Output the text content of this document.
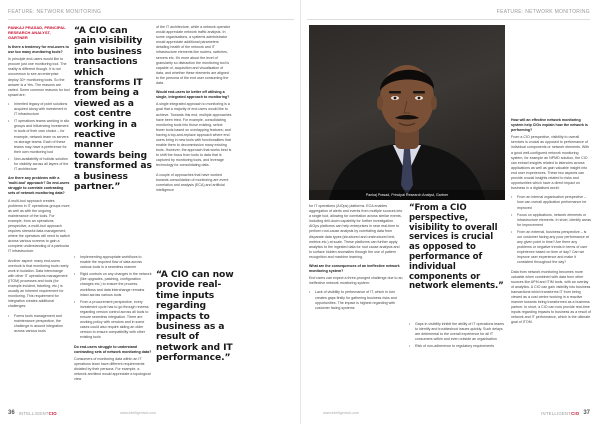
FEATURE: NETWORK MONITORING
PANKAJ PRASAD, PRINCIPAL RESEARCH ANALYST, GARTNER

Is there a tendency for end-users to use too many monitoring tools?

In principle end-users would like to procure just one monitoring tool. The reality is different though. It is not uncommon to see an enterprise deploy 30+ monitoring tools. So the answer is a Yes. The reasons are varied. Some common reasons for tool sprawl are:

• Inherited legacy of point solutions acquired along with investment in IT infrastructure
• IT operations teams working in silo groups and influencing investment in tools of their own choice – for example, network team vs servers vs storage teams. Each of these teams may have a preference for their own monitoring tool
• Non-availability of holistic solution for visibility across all layers of the IT architecture

Are there any problems with a 'multi-tool' approach? Do end-users struggle to correlate contrasting sets of network monitoring data?

A multi-tool approach creates problems in IT operations groups more as well as with the ongoing maintenance of the tools. For example, from an operations perspective, a multi-tool approach requires stressful data management, where the operators will need to switch across various screens to gain a complete understanding of a particular IT infrastructure.

Another aspect: many end-users overlook is that monitoring tools rarely work in isolation. Data interchange with other IT operations management (ITOM) processes and tools (for example incident, ticketing, etc.) is usually an inherent requirement for monitoring. This requirement for integration creates additional challenges:

• Forms tools management and maintenance perspective, the challenge is around integration across various tools
“A CIO can gain visibility into business transactions which transforms IT from being a viewed as a cost centre working in a reactive manner towards being transformed as a business partner.”
• Implementing appropriate workflows to enable the required flow of data across various tools in a seamless manner
• Rigid controls on any changes in the network (like upgrades, patching, configuration changes etc.) to ensure the process, workflows and data interchange remains intact across various tools
• From a procurement perspective, every investment cycle has to go through reviews regarding version control across all tools to ensure seamless integration. There are working policy with vendors and in some cases could also require aiding an older version to ensure compatibility with other existing tools

Do end-users struggle to understand contrasting sets of network monitoring data?

Consumers of monitoring data within an IT operations team have different requirements dictated by their persona. For example, a network architect would appreciate a topological view

of the IT architecture, while a network operator would appreciate network traffic analysis. In some organisations, a systems administrator would appreciate additional parameters detailing health of the network and IT infrastructure elements like routers, switches, servers etc. It's more about the level of granularity so distraction the monitoring tool is capable of, acquisition and visualisation of data, and whether these elements are aligned to the persona of the end user consuming the data.

Would end-users be better off utilising a single, integrated approach to monitoring?

A single integrated approach to monitoring is a goal that a majority of end users would like to achieve. Towards this end, multiple approaches have been tried. For example, consolidating monitoring tools into those existing, select fewer tools based on overlapping features; and having a top-and-replace approach where end users bring in new tools with functionalities that enable them to decommission many existing tools. However, the approach that works best is to shift the focus from tools to data that is captured by monitoring tools, and leverage technology for consolidating data.

A couple of approaches that have worked towards consolidation of monitoring are event correlation and analysis (ECA) and artificial intelligence

“A CIO can now provide real-time inputs regarding impacts to business as a result of network and IT performance.”
36 INTELLIGENTCIO	www.intelligentcio.com
FEATURE: NETWORK MONITORING
Pankaj Prasad, Principal Research Analyst, Gartner

for IT operations (AIOps) platforms. ECA enables aggregation of alerts and events from multiple sources into a single tool, allowing for correlation across similar events, including drill-down capability for further investigation. AIOps platforms can help enterprises in near real-time to perform root-cause analysis by correlating data from disparate data types (structured and unstructured text, metrics etc.) at scale. These platforms can further apply analytics to the ingested data for root cause analysis and to surface hidden anomalies through the use of pattern recognition and machine learning.

What are the consequences of an ineffective network monitoring system?

End users can expect a three-pronged challenge due to an ineffective network monitoring system:

• Lack of visibility to performance of IT, which in turn creates gaps firstly for gathering business risks and opportunities. The impact is highest regarding with customer facing systems
“From a CIO perspective, visibility to overall services is crucial as opposed to performance of individual components or network elements.”
• Gaps in visibility inhibit the ability of IT operations teams to identify and troubleshoot issues quickly. Such delays are detrimental to the overall experience for all IT consumers within and even outside an organisation
• Risk of non-adherence to regulatory requirements

How will an effective network monitoring system help CIOs explain how the network is performing?

From a CIO perspective, visibility to overall services is crucial as opposed to performance of individual components or network elements. With a good well-configured network monitoring system, for example an NPMD solution, the CIO can extract insights related to latencies across applications as well as gain valuable insight into end user experiences. These two aspects can provide crucial insights related to risks and opportunities which have a direct impact on business in a digitalised world:

• From an internal organisation perspective – how can overall application performance be improved
• Focus on applications, network elements or infrastructure elements. In short, identify areas for improvement
• From an external, business perspective – is our customer facing any poor performance at any given point in time? Are there any problems or negative trends in terms of user experience based on time of day? Can we improve user experience and make it consistent throughout the day?

Data from network monitoring becomes more valuable when combined with data from other sources like APM and ITIM tools, with an overlay of analytics. A CIO can gain visibility into business transactions which transforms IT from being viewed as a cost centre working in a reactive manner towards being transformed as a business partner. In short, a CIO can now provide real-time inputs regarding impacts to business as a result of network and IT performance, which is the ultimate goal of ITOM.

INTELLIGENTCIO 37
www.intelligentcio.com
